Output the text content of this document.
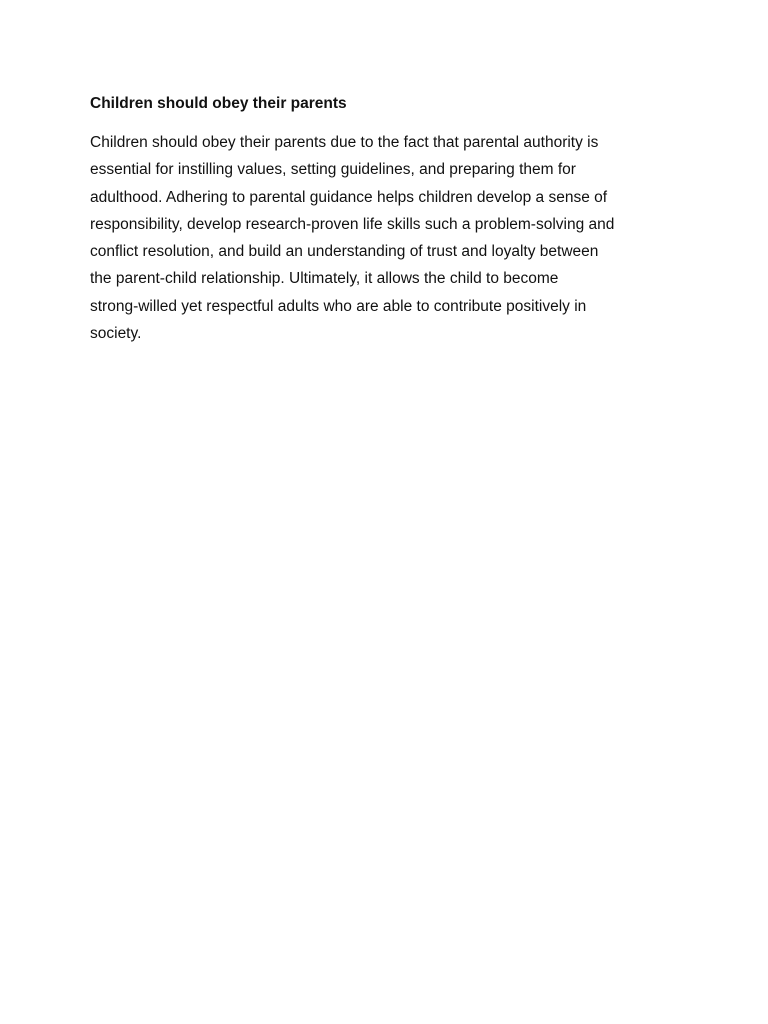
Children should obey their parents
Children should obey their parents due to the fact that parental authority is
essential for instilling values, setting guidelines, and preparing them for
adulthood. Adhering to parental guidance helps children develop a sense of
responsibility, develop research-proven life skills such a problem-solving and
conflict resolution, and build an understanding of trust and loyalty between
the parent-child relationship. Ultimately, it allows the child to become
strong-willed yet respectful adults who are able to contribute positively in
society.
